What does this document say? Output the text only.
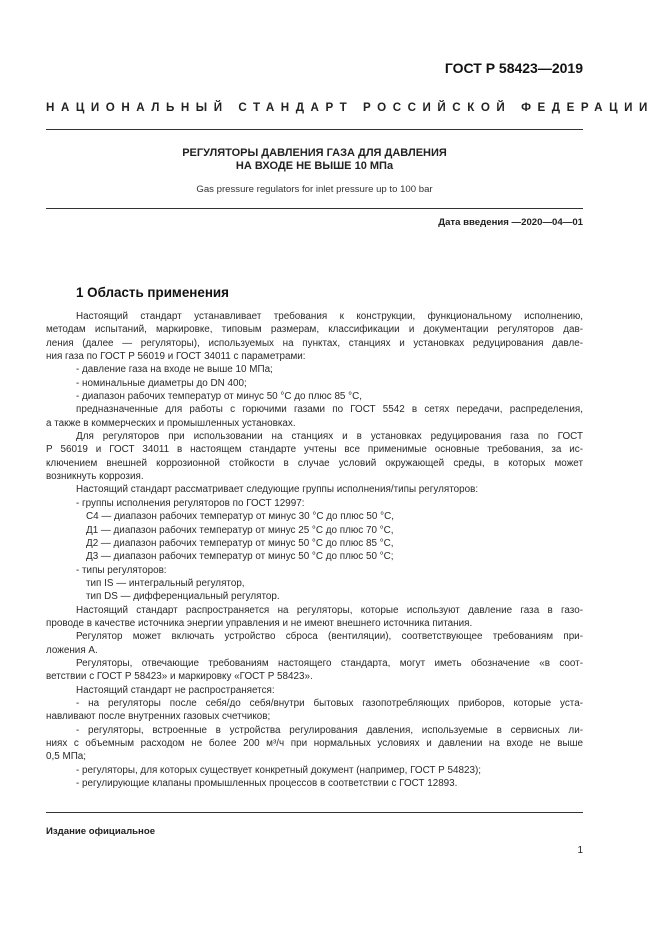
ГОСТ Р 58423—2019
НАЦИОНАЛЬНЫЙ СТАНДАРТ РОССИЙСКОЙ ФЕДЕРАЦИИ
РЕГУЛЯТОРЫ ДАВЛЕНИЯ ГАЗА ДЛЯ ДАВЛЕНИЯ
НА ВХОДЕ НЕ ВЫШЕ 10 МПа
Gas pressure regulators for inlet pressure up to 100 bar
Дата введения —2020—04—01
1 Область применения

Настоящий стандарт устанавливает требования к конструкции, функциональному исполнению,

методам испытаний, маркировке, типовым размерам, классификации и документации регуляторов дав-

ления (далее — регуляторы), используемых на пунктах, станциях и установках редуцирования давле-

ния газа по ГОСТ Р 56019 и ГОСТ 34011 с параметрами:

- давление газа на входе не выше 10 МПа;

- номинальные диаметры до DN 400;

- диапазон рабочих температур от минус 50 °С до плюс 85 °С,

предназначенные для работы с горючими газами по ГОСТ 5542 в сетях передачи, распределения,

а также в коммерческих и промышленных установках.

Для регуляторов при использовании на станциях и в установках редуцирования газа по ГОСТ

Р 56019 и ГОСТ 34011 в настоящем стандарте учтены все применимые основные требования, за ис-

ключением внешней коррозионной стойкости в случае условий окружающей среды, в которых может

возникнуть коррозия.

Настоящий стандарт рассматривает следующие группы исполнения/типы регуляторов:

- группы исполнения регуляторов по ГОСТ 12997:

С4 — диапазон рабочих температур от минус 30 °С до плюс 50 °С,

Д1 — диапазон рабочих температур от минус 25 °С до плюс 70 °С,

Д2 — диапазон рабочих температур от минус 50 °С до плюс 85 °С,

Д3 — диапазон рабочих температур от минус 50 °С до плюс 50 °С;

- типы регуляторов:

тип IS — интегральный регулятор,

тип DS — дифференциальный регулятор.

Настоящий стандарт распространяется на регуляторы, которые используют давление газа в газо-

проводе в качестве источника энергии управления и не имеют внешнего источника питания.

Регулятор может включать устройство сброса (вентиляции), соответствующее требованиям при-

ложения А.

Регуляторы, отвечающие требованиям настоящего стандарта, могут иметь обозначение «в соот-

ветствии с ГОСТ Р 58423» и маркировку «ГОСТ Р 58423».

Настоящий стандарт не распространяется:

- на регуляторы после себя/до себя/внутри бытовых газопотребляющих приборов, которые уста-

навливают после внутренних газовых счетчиков;

- регуляторы, встроенные в устройства регулирования давления, используемые в сервисных ли-

ниях с объемным расходом не более 200 м³/ч при нормальных условиях и давлении на входе не выше

0,5 МПа;

- регуляторы, для которых существует конкретный документ (например, ГОСТ Р 54823);

- регулирующие клапаны промышленных процессов в соответствии с ГОСТ 12893.

Издание официальное
1
